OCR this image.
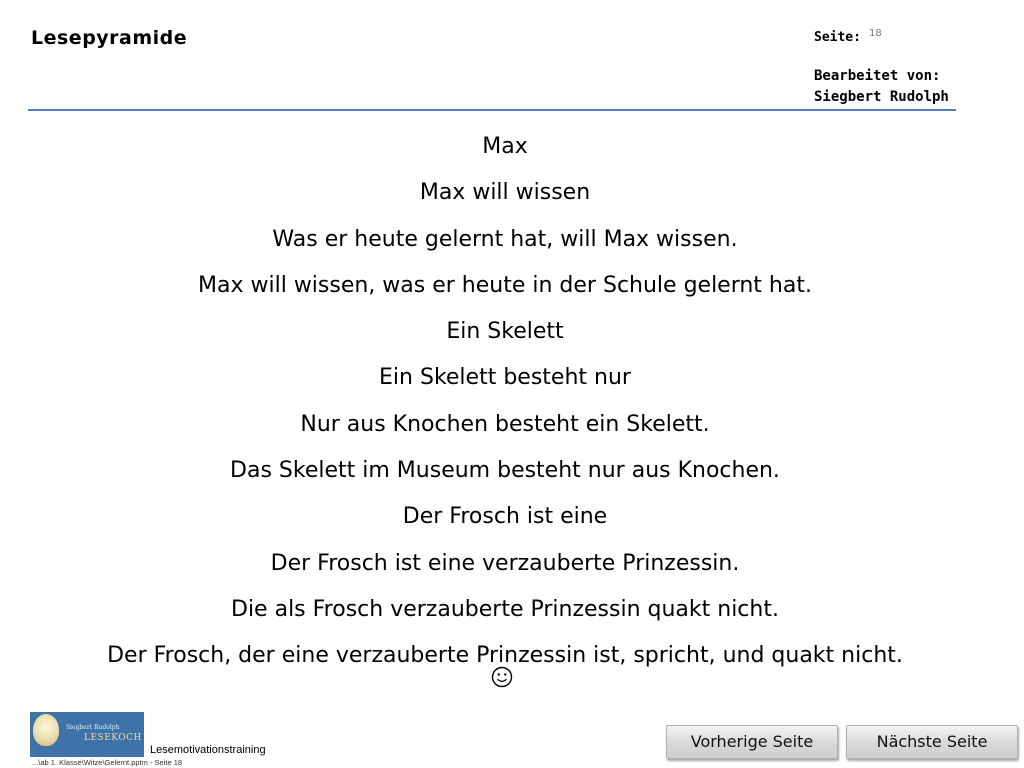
Lesepyramide	Seite: 18
Bearbeitet von:
Siegbert Rudolph
Max
Max will wissen
Was er heute gelernt hat, will Max wissen.
Max will wissen, was er heute in der Schule gelernt hat.
Ein Skelett
Ein Skelett besteht nur
Nur aus Knochen besteht ein Skelett.
Das Skelett im Museum besteht nur aus Knochen.
Der Frosch ist eine
Der Frosch ist eine verzauberte Prinzessin.
Die als Frosch verzauberte Prinzessin quakt nicht.
Der Frosch, der eine verzauberte Prinzessin ist, spricht, und quakt nicht.
Siegbert Rudolph
LESEKOCH
Lesemotivationstraining
...\ab 1. Klasse\Witze\Gelernt.pptm - Seite 18
Vorherige Seite	Nächste Seite
